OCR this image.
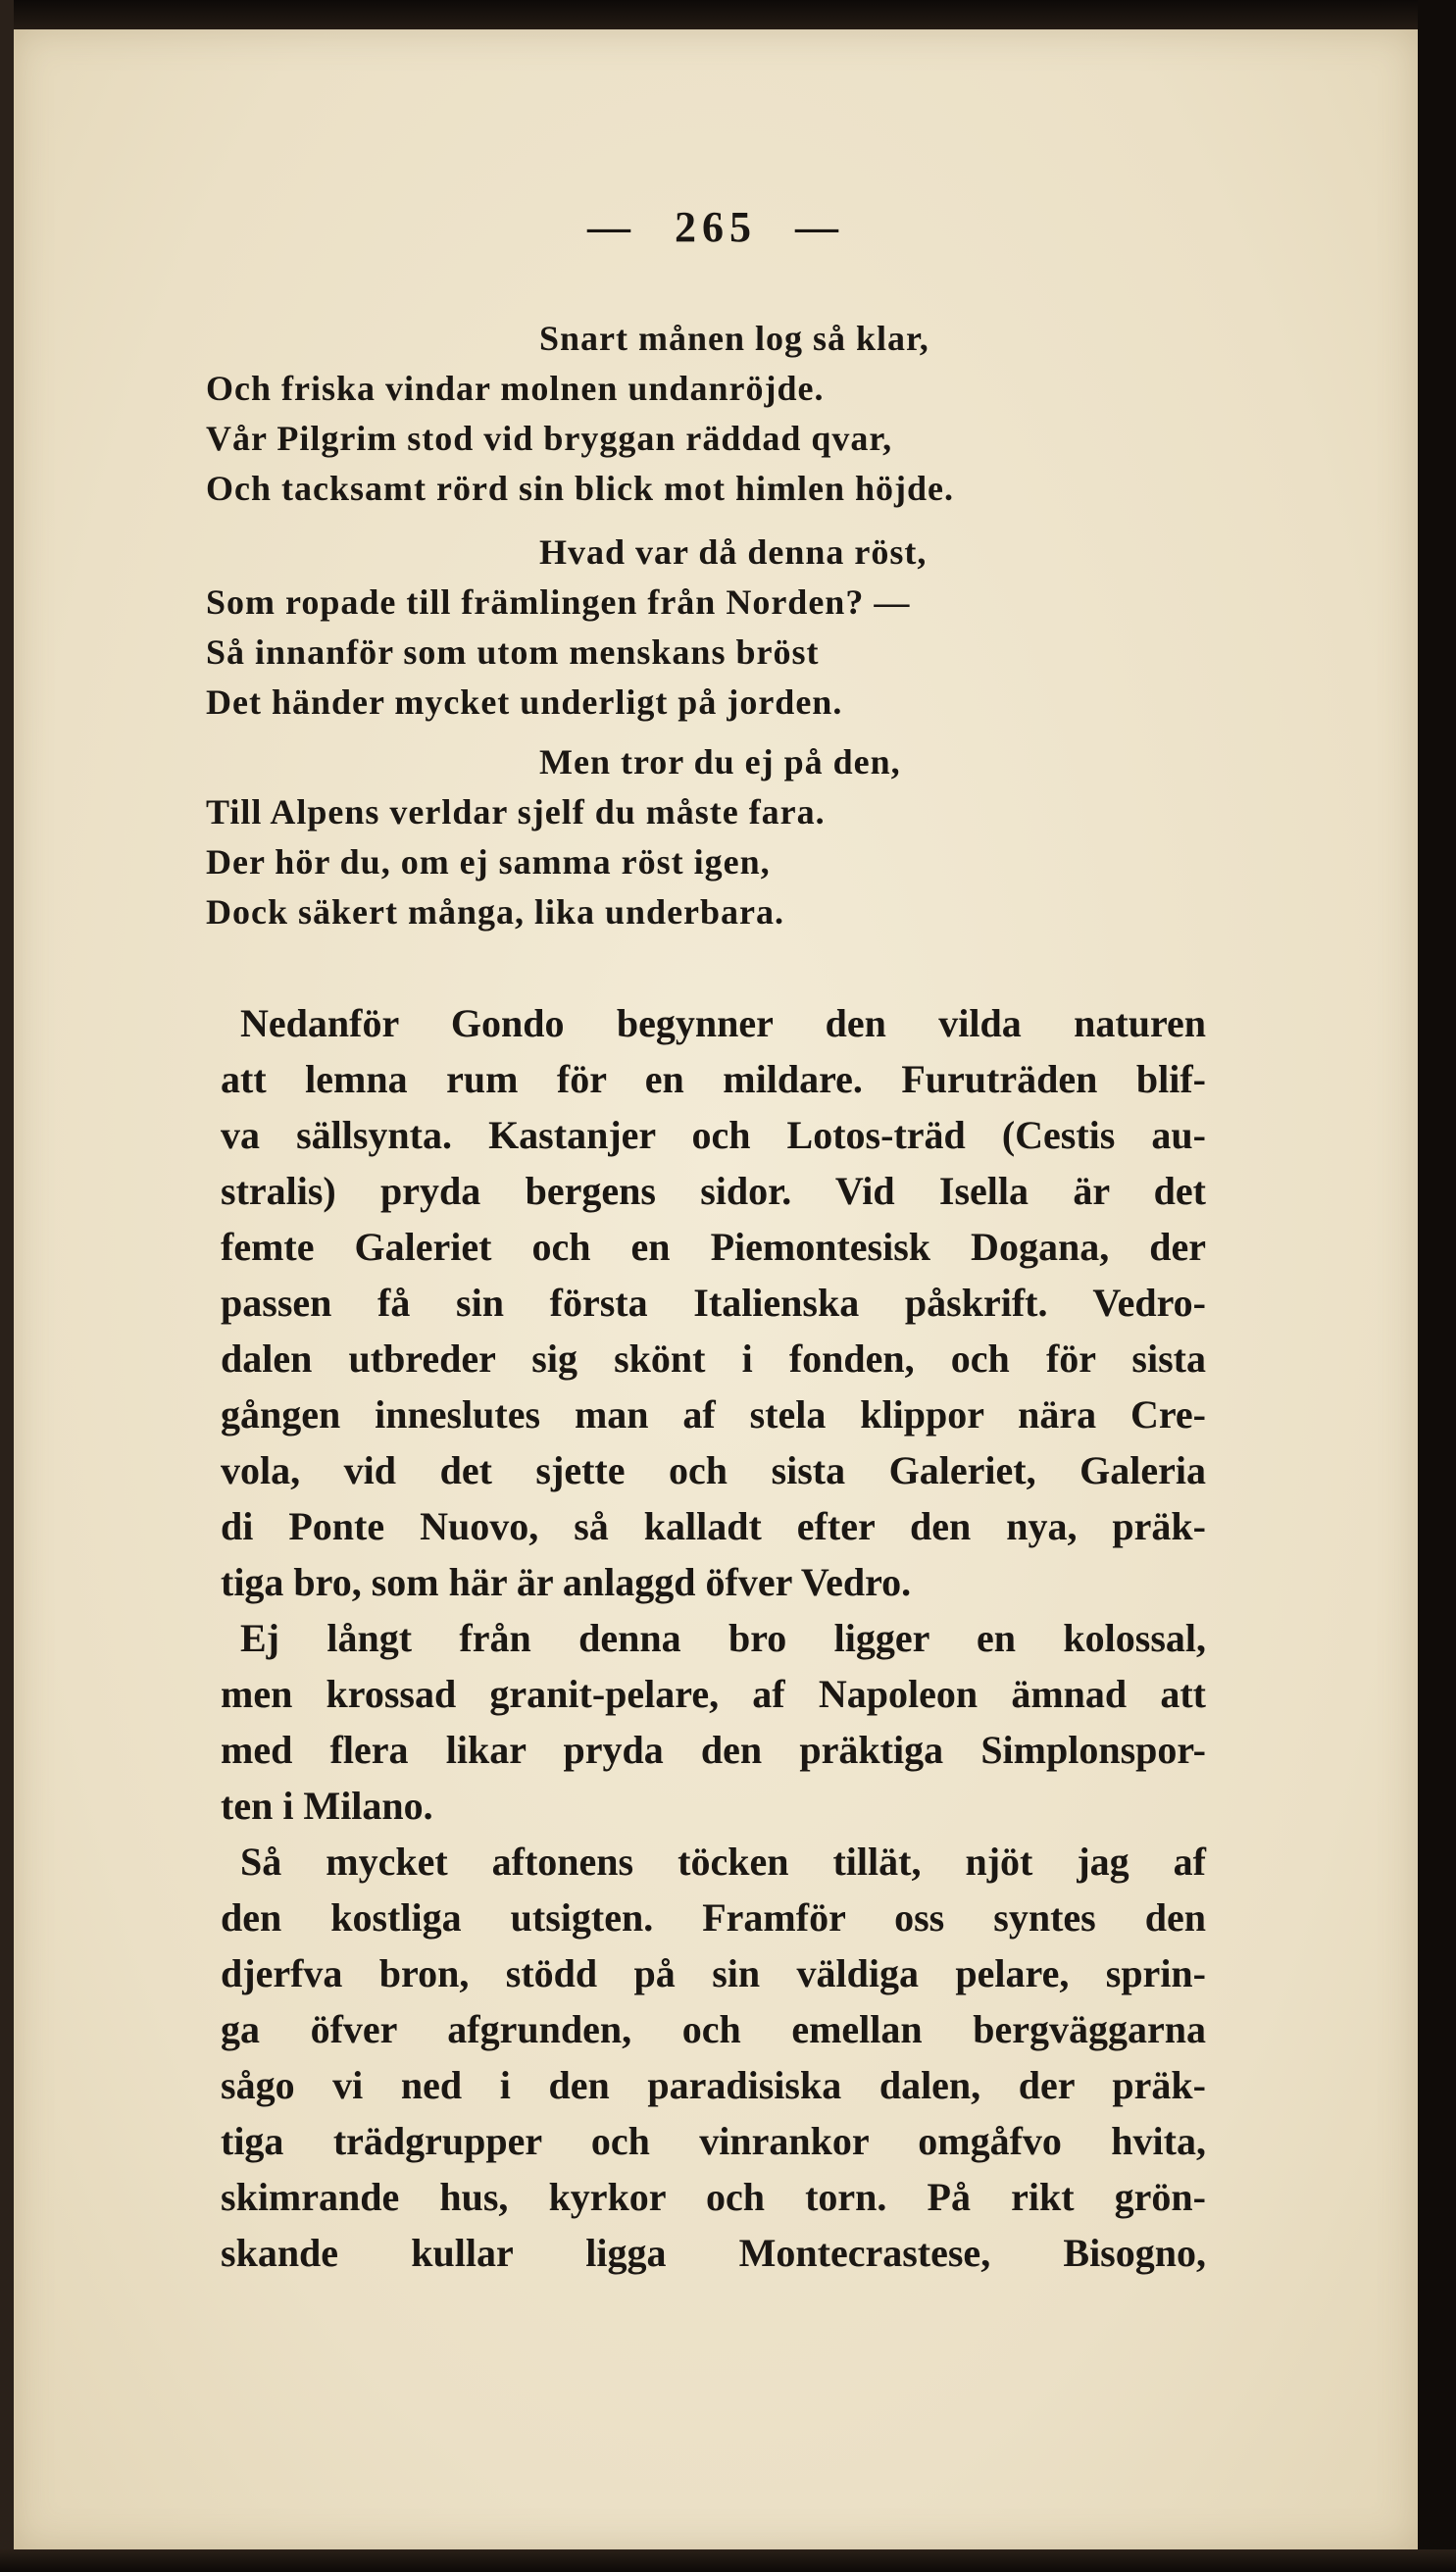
— 265 —
Snart månen log så klar,
Och friska vindar molnen undanröjde.
Vår Pilgrim stod vid bryggan räddad qvar,
Och tacksamt rörd sin blick mot himlen höjde.
Hvad var då denna röst,
Som ropade till främlingen från Norden? —
Så innanför som utom menskans bröst
Det händer mycket underligt på jorden.
Men tror du ej på den,
Till Alpens verldar sjelf du måste fara.
Der hör du, om ej samma röst igen,
Dock säkert många, lika underbara.
Nedanför Gondo begynner den vilda naturen
att lemna rum för en mildare. Furuträden blif-
va sällsynta. Kastanjer och Lotos-träd (Cestis au-
stralis) pryda bergens sidor. Vid Isella är det
femte Galeriet och en Piemontesisk Dogana, der
passen få sin första Italienska påskrift. Vedro-
dalen utbreder sig skönt i fonden, och för sista
gången inneslutes man af stela klippor nära Cre-
vola, vid det sjette och sista Galeriet, Galeria
di Ponte Nuovo, så kalladt efter den nya, präk-
tiga bro, som här är anlaggd öfver Vedro.
Ej långt från denna bro ligger en kolossal,
men krossad granit-pelare, af Napoleon ämnad att
med flera likar pryda den präktiga Simplonspor-
ten i Milano.
Så mycket aftonens töcken tillät, njöt jag af
den kostliga utsigten. Framför oss syntes den
djerfva bron, stödd på sin väldiga pelare, sprin-
ga öfver afgrunden, och emellan bergväggarna
sågo vi ned i den paradisiska dalen, der präk-
tiga trädgrupper och vinrankor omgåfvo hvita,
skimrande hus, kyrkor och torn. På rikt grön-
skande kullar ligga Montecrastese, Bisogno,
